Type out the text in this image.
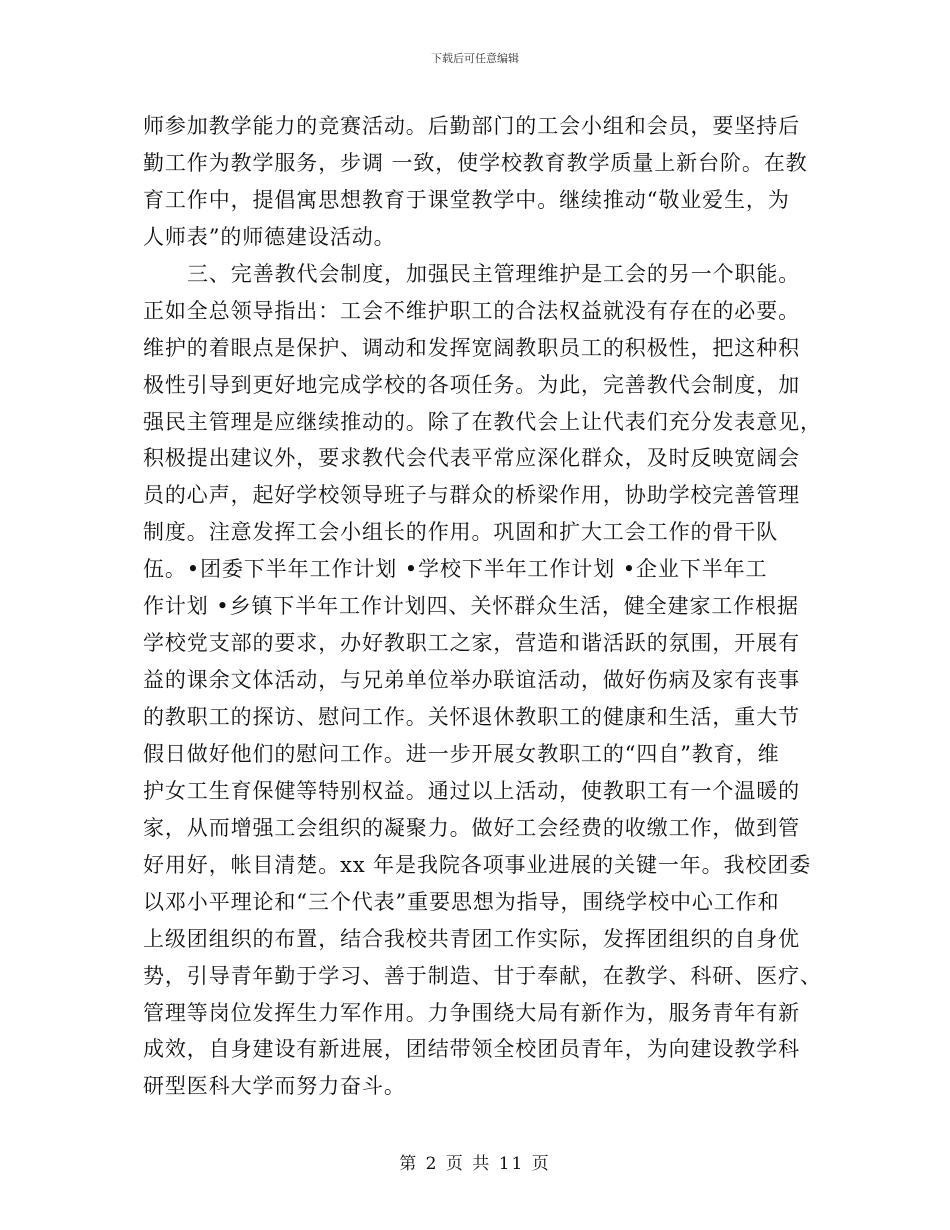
下载后可任意编辑
师参加教学能力的竞赛活动。后勤部门的工会小组和会员，要坚持后
勤工作为教学服务，步调 一致，使学校教育教学质量上新台阶。在教
育工作中，提倡寓思想教育于课堂教学中。继续推动“敬业爱生，为
人师表”的师德建设活动。
三、完善教代会制度，加强民主管理维护是工会的另一个职能。
正如全总领导指出：工会不维护职工的合法权益就没有存在的必要。
维护的着眼点是保护、调动和发挥宽阔教职员工的积极性，把这种积
极性引导到更好地完成学校的各项任务。为此，完善教代会制度，加
强民主管理是应继续推动的。除了在教代会上让代表们充分发表意见，
积极提出建议外，要求教代会代表平常应深化群众，及时反映宽阔会
员的心声，起好学校领导班子与群众的桥梁作用，协助学校完善管理
制度。注意发挥工会小组长的作用。巩固和扩大工会工作的骨干队
伍。•团委下半年工作计划 •学校下半年工作计划 •企业下半年工
作计划 •乡镇下半年工作计划四、关怀群众生活，健全建家工作根据
学校党支部的要求，办好教职工之家，营造和谐活跃的氛围，开展有
益的课余文体活动，与兄弟单位举办联谊活动，做好伤病及家有丧事
的教职工的探访、慰问工作。关怀退休教职工的健康和生活，重大节
假日做好他们的慰问工作。进一步开展女教职工的“四自”教育，维
护女工生育保健等特别权益。通过以上活动，使教职工有一个温暖的
家，从而增强工会组织的凝聚力。做好工会经费的收缴工作，做到管
好用好，帐目清楚。xx 年是我院各项事业进展的关键一年。我校团委
以邓小平理论和“三个代表”重要思想为指导，围绕学校中心工作和
上级团组织的布置，结合我校共青团工作实际，发挥团组织的自身优
势，引导青年勤于学习、善于制造、甘于奉献，在教学、科研、医疗、
管理等岗位发挥生力军作用。力争围绕大局有新作为，服务青年有新
成效，自身建设有新进展，团结带领全校团员青年，为向建设教学科
研型医科大学而努力奋斗。
第 2 页 共 11 页
